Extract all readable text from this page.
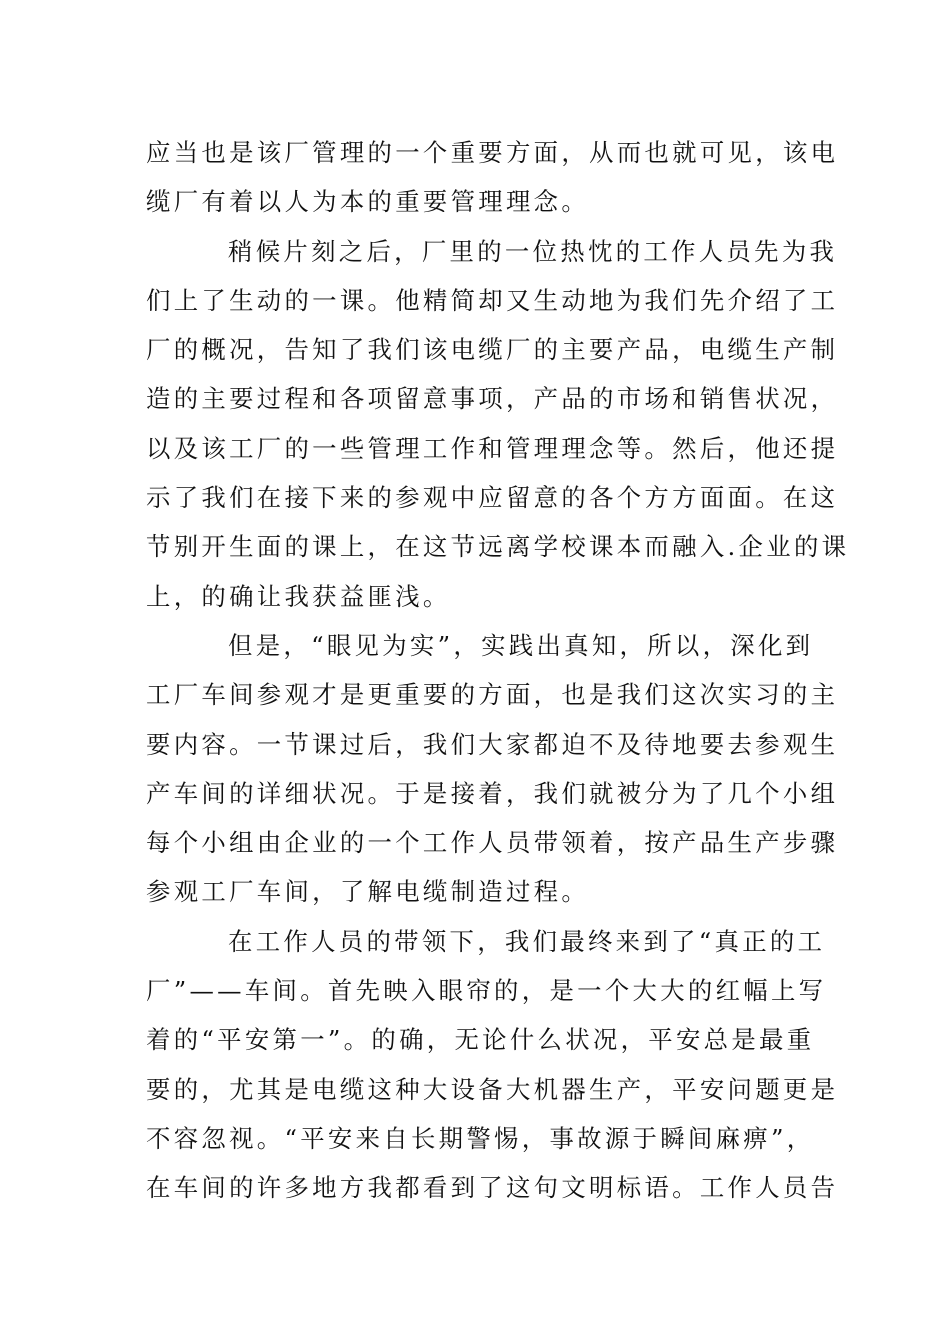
应当也是该厂管理的一个重要方面，从而也就可见，该电
缆厂有着以人为本的重要管理理念。
稍候片刻之后，厂里的一位热忱的工作人员先为我
们上了生动的一课。他精简却又生动地为我们先介绍了工
厂的概况，告知了我们该电缆厂的主要产品，电缆生产制
造的主要过程和各项留意事项，产品的市场和销售状况，
以及该工厂的一些管理工作和管理理念等。然后，他还提
示了我们在接下来的参观中应留意的各个方方面面。在这
节别开生面的课上，在这节远离学校课本而融入.企业的课
上，的确让我获益匪浅。
但是，“眼见为实”，实践出真知，所以，深化到
工厂车间参观才是更重要的方面，也是我们这次实习的主
要内容。一节课过后，我们大家都迫不及待地要去参观生
产车间的详细状况。于是接着，我们就被分为了几个小组
每个小组由企业的一个工作人员带领着，按产品生产步骤
参观工厂车间，了解电缆制造过程。
在工作人员的带领下，我们最终来到了“真正的工
厂”——车间。首先映入眼帘的，是一个大大的红幅上写
着的“平安第一”。的确，无论什么状况，平安总是最重
要的，尤其是电缆这种大设备大机器生产，平安问题更是
不容忽视。“平安来自长期警惕，事故源于瞬间麻痹”，
在车间的许多地方我都看到了这句文明标语。工作人员告
